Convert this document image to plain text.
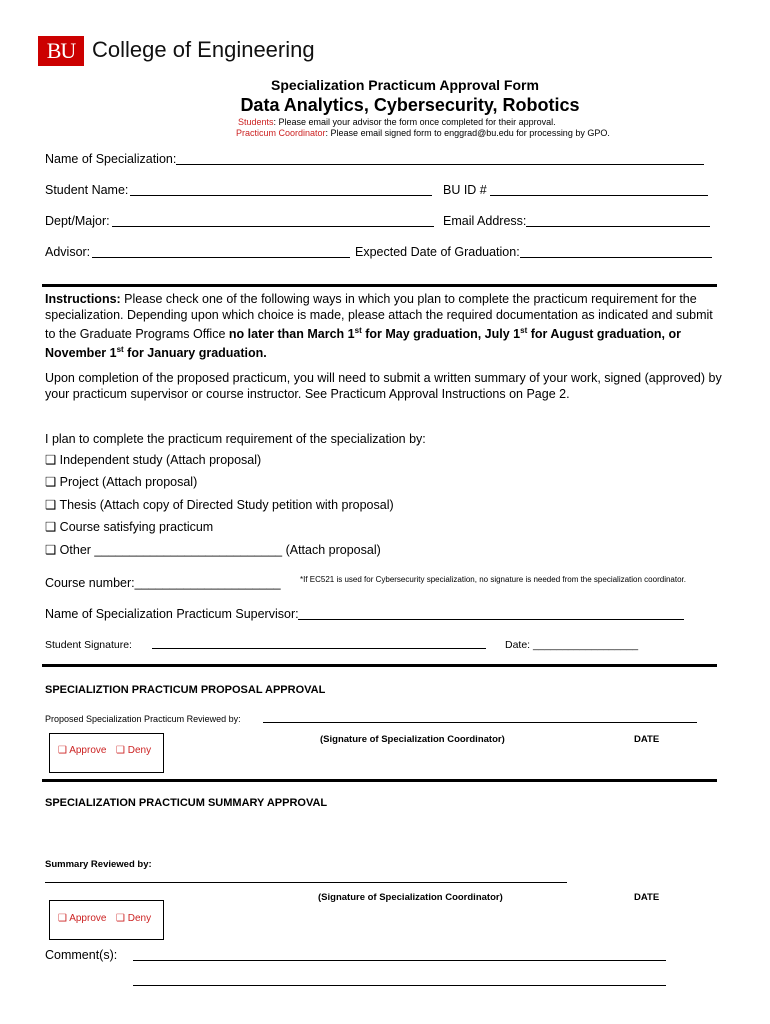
BU College of Engineering
Specialization Practicum Approval Form
Data Analytics, Cybersecurity, Robotics
Students: Please email your advisor the form once completed for their approval.
Practicum Coordinator: Please email signed form to enggrad@bu.edu for processing by GPO.
Name of Specialization:
Student Name:	BU ID #
Dept/Major:	Email Address:
Advisor:	Expected Date of Graduation:
Instructions: Please check one of the following ways in which you plan to complete the practicum requirement for the specialization. Depending upon which choice is made, please attach the required documentation as indicated and submit to the Graduate Programs Office no later than March 1st for May graduation, July 1st for August graduation, or November 1st for January graduation.
Upon completion of the proposed practicum, you will need to submit a written summary of your work, signed (approved) by your practicum supervisor or course instructor. See Practicum Approval Instructions on Page 2.
I plan to complete the practicum requirement of the specialization by:
❑ Independent study (Attach proposal)
❑ Project (Attach proposal)
❑ Thesis (Attach copy of Directed Study petition with proposal)
❑ Course satisfying practicum
❑ Other ___________________________ (Attach proposal)
Course number:_____________________ *If EC521 is used for Cybersecurity specialization, no signature is needed from the specialization coordinator.
Name of Specialization Practicum Supervisor:
Student Signature:	Date: __________________
SPECIALIZTION PRACTICUM PROPOSAL APPROVAL
Proposed Specialization Practicum Reviewed by:
❑ Approve ❑ Deny
(Signature of Specialization Coordinator)	DATE
SPECIALIZATION PRACTICUM SUMMARY APPROVAL
Summary Reviewed by:
(Signature of Specialization Coordinator)	DATE
❑ Approve ❑ Deny
Comment(s):
